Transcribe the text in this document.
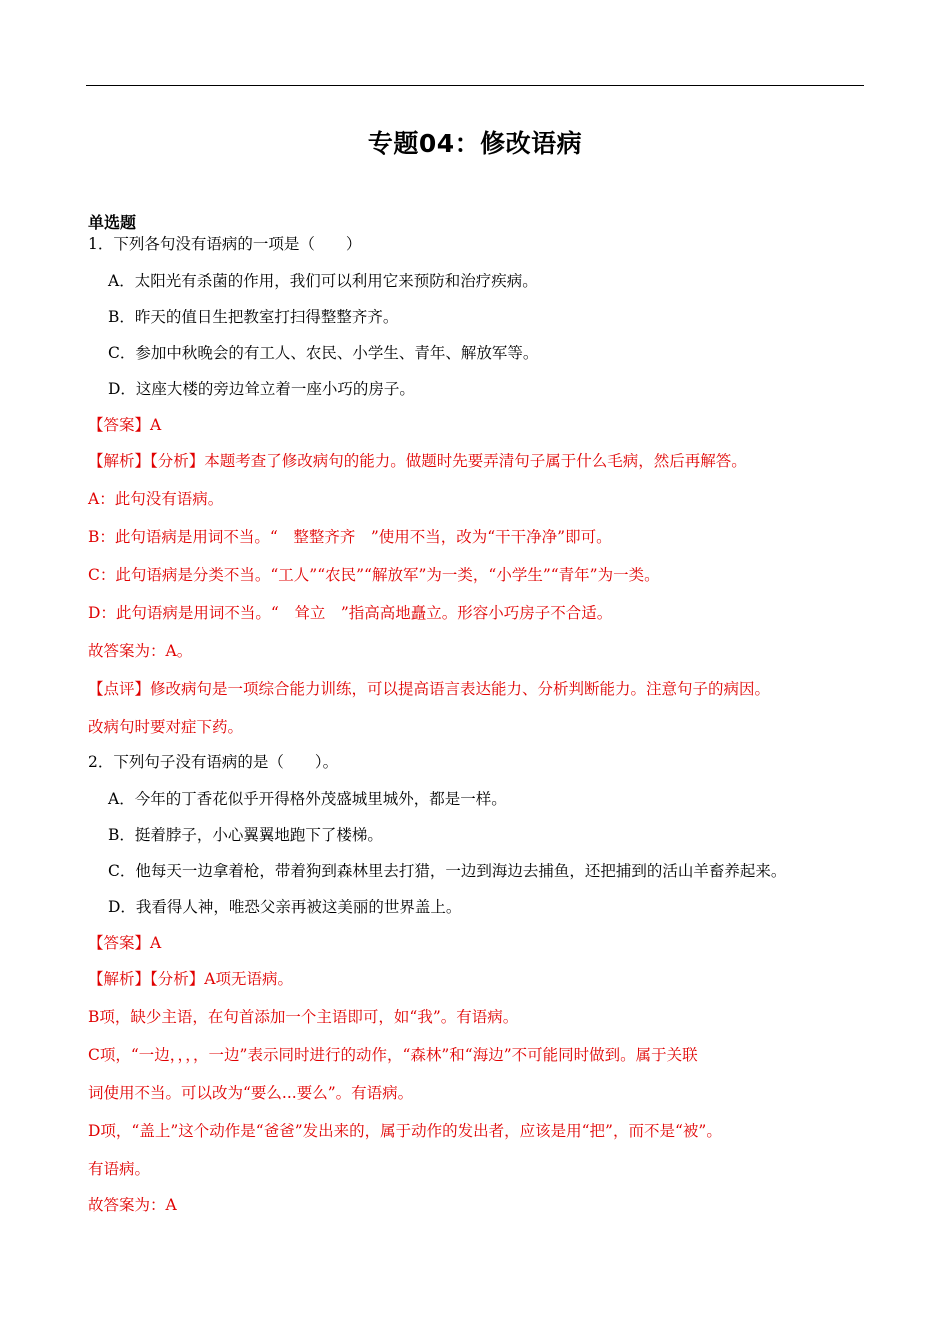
专题04：修改语病
单选题
1．下列各句没有语病的一项是（　　）
A．太阳光有杀菌的作用，我们可以利用它来预防和治疗疾病。
B．昨天的值日生把教室打扫得整整齐齐。
C．参加中秋晚会的有工人、农民、小学生、青年、解放军等。
D．这座大楼的旁边耸立着一座小巧的房子。
【答案】A
【解析】【分析】本题考查了修改病句的能力。做题时先要弄清句子属于什么毛病，然后再解答。
A：此句没有语病。
B：此句语病是用词不当。“　整整齐齐　”使用不当，改为“干干净净”即可。
C：此句语病是分类不当。“工人”“农民”“解放军”为一类，“小学生”“青年”为一类。
D：此句语病是用词不当。“　耸立　”指高高地矗立。形容小巧房子不合适。
故答案为：A。
【点评】修改病句是一项综合能力训练，可以提高语言表达能力、分析判断能力。注意句子的病因。
改病句时要对症下药。
2．下列句子没有语病的是（　　）。
A．今年的丁香花似乎开得格外茂盛城里城外，都是一样。
B．挺着脖子，小心翼翼地跑下了楼梯。
C．他每天一边拿着枪，带着狗到森林里去打猎，一边到海边去捕鱼，还把捕到的活山羊畜养起来。
D．我看得人神，唯恐父亲再被这美丽的世界盖上。
【答案】A
【解析】【分析】A项无语病。
B项，缺少主语，在句首添加一个主语即可，如“我”。有语病。
C项，“一边，，，，一边”表示同时进行的动作，“森林”和“海边”不可能同时做到。属于关联
词使用不当。可以改为“要么...要么”。有语病。
D项，“盖上”这个动作是“爸爸”发出来的，属于动作的发出者，应该是用“把”，而不是“被”。
有语病。
故答案为：A
